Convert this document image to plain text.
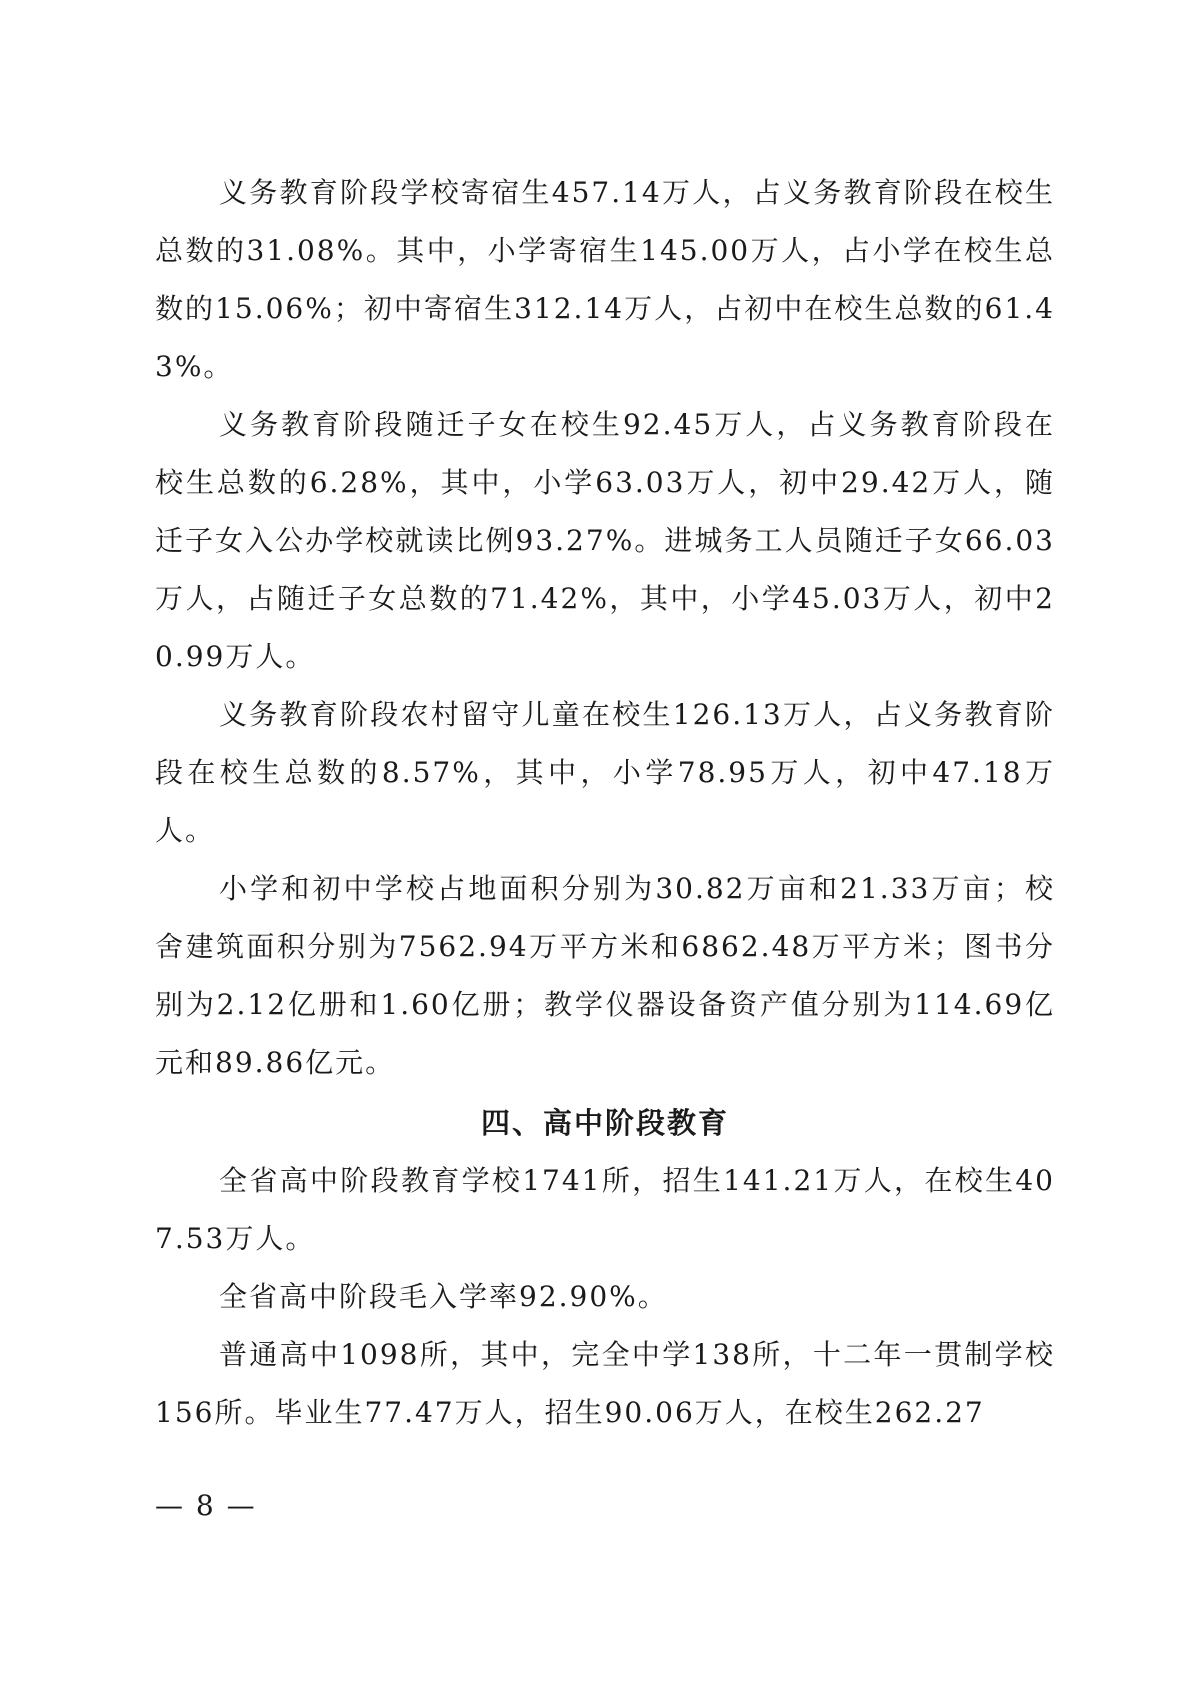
义务教育阶段学校寄宿生457.14万人，占义务教育阶段在校生总数的31.08%。其中，小学寄宿生145.00万人，占小学在校生总数的15.06%；初中寄宿生312.14万人，占初中在校生总数的61.43%。

义务教育阶段随迁子女在校生92.45万人，占义务教育阶段在校生总数的6.28%，其中，小学63.03万人，初中29.42万人，随迁子女入公办学校就读比例93.27%。进城务工人员随迁子女66.03万人，占随迁子女总数的71.42%，其中，小学45.03万人，初中20.99万人。

义务教育阶段农村留守儿童在校生126.13万人，占义务教育阶段在校生总数的8.57%，其中，小学78.95万人，初中47.18万人。

小学和初中学校占地面积分别为30.82万亩和21.33万亩；校舍建筑面积分别为7562.94万平方米和6862.48万平方米；图书分别为2.12亿册和1.60亿册；教学仪器设备资产值分别为114.69亿元和89.86亿元。

四、高中阶段教育

全省高中阶段教育学校1741所，招生141.21万人，在校生407.53万人。

全省高中阶段毛入学率92.90%。

普通高中1098所，其中，完全中学138所，十二年一贯制学校156所。毕业生77.47万人，招生90.06万人，在校生262.27

— 8 —
